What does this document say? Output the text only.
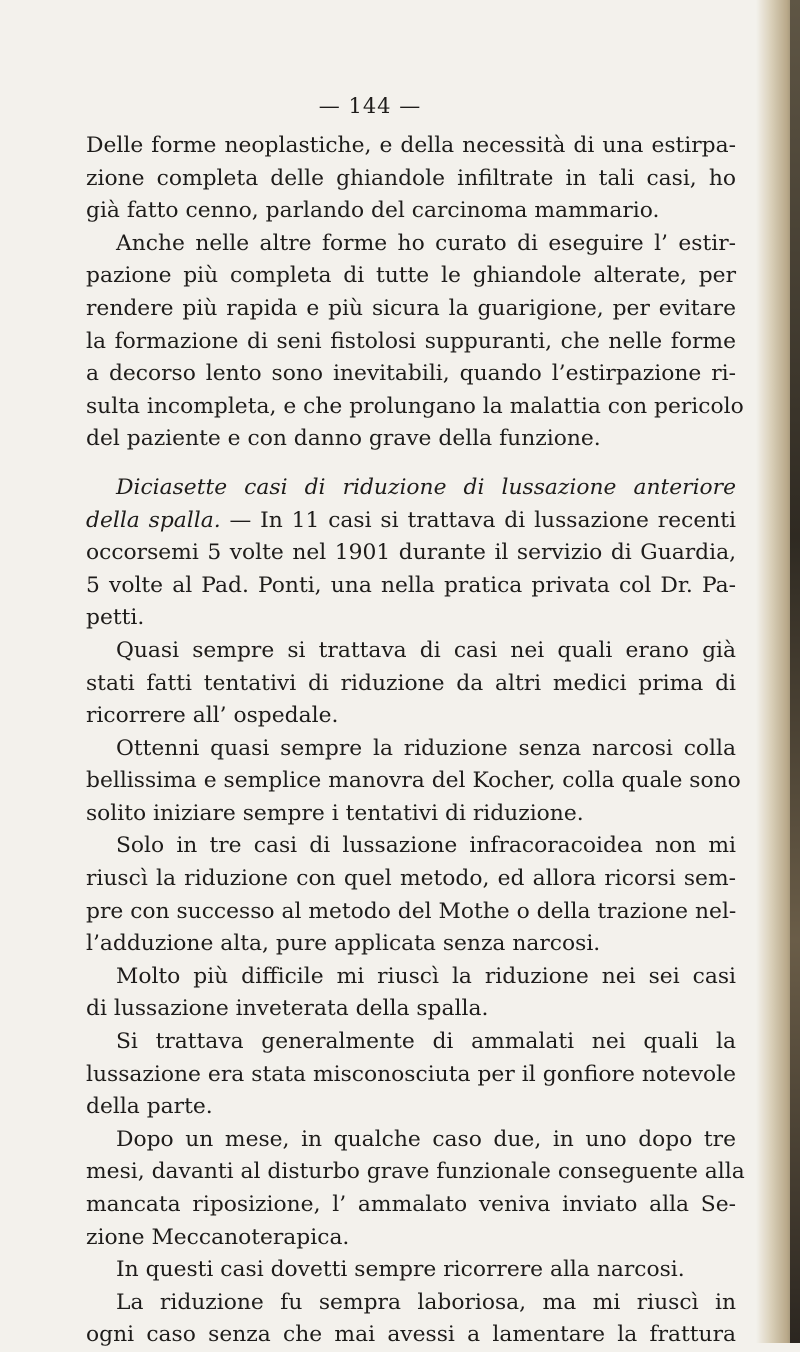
— 144 —
Delle forme neoplastiche, e della necessità di una estirpa-
zione completa delle ghiandole infiltrate in tali casi, ho
già fatto cenno, parlando del carcinoma mammario.
Anche nelle altre forme ho curato di eseguire l’ estir-
pazione più completa di tutte le ghiandole alterate, per
rendere più rapida e più sicura la guarigione, per evitare
la formazione di seni fistolosi suppuranti, che nelle forme
a decorso lento sono inevitabili, quando l’estirpazione ri-
sulta incompleta, e che prolungano la malattia con pericolo
del paziente e con danno grave della funzione.
Diciasette casi di riduzione di lussazione anteriore
della spalla. — In 11 casi si trattava di lussazione recenti
occorsemi 5 volte nel 1901 durante il servizio di Guardia,
5 volte al Pad. Ponti, una nella pratica privata col Dr. Pa-
petti.
Quasi sempre si trattava di casi nei quali erano già
stati fatti tentativi di riduzione da altri medici prima di
ricorrere all’ ospedale.
Ottenni quasi sempre la riduzione senza narcosi colla
bellissima e semplice manovra del Kocher, colla quale sono
solito iniziare sempre i tentativi di riduzione.
Solo in tre casi di lussazione infracoracoidea non mi
riuscì la riduzione con quel metodo, ed allora ricorsi sem-
pre con successo al metodo del Mothe o della trazione nel-
l’adduzione alta, pure applicata senza narcosi.
Molto più difficile mi riuscì la riduzione nei sei casi
di lussazione inveterata della spalla.
Si trattava generalmente di ammalati nei quali la
lussazione era stata misconosciuta per il gonfiore notevole
della parte.
Dopo un mese, in qualche caso due, in uno dopo tre
mesi, davanti al disturbo grave funzionale conseguente alla
mancata riposizione, l’ ammalato veniva inviato alla Se-
zione Meccanoterapica.
In questi casi dovetti sempre ricorrere alla narcosi.
La riduzione fu sempra laboriosa, ma mi riuscì in
ogni caso senza che mai avessi a lamentare la frattura
